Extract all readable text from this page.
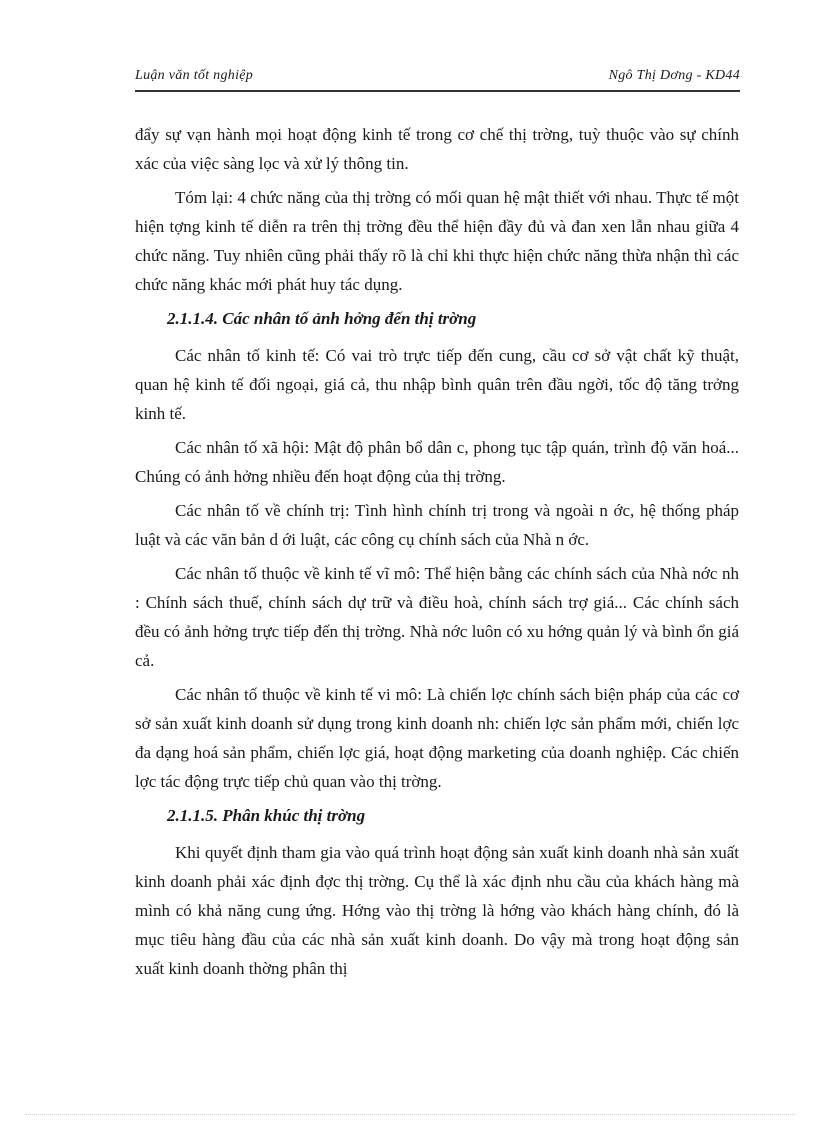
Luận văn tốt nghiệp	Ngô Thị Dơng - KD44

đẩy sự vạn hành mọi hoạt động kinh tế trong cơ chế thị trờng, tuỳ thuộc vào sự chính xác của việc sàng lọc và xử lý thông tin.

Tóm lại: 4 chức năng của thị trờng có mối quan hệ mật thiết với nhau. Thực tế một hiện tợng kinh tế diễn ra trên thị trờng đều thể hiện đầy đủ và đan xen lẫn nhau giữa 4 chức năng. Tuy nhiên cũng phải thấy rõ là chỉ khi thực hiện chức năng thừa nhận thì các chức năng khác mới phát huy tác dụng.

2.1.1.4. Các nhân tố ảnh hởng đến thị trờng

Các nhân tố kinh tế: Có vai trò trực tiếp đến cung, cầu cơ sở vật chất kỹ thuật, quan hệ kinh tế đối ngoại, giá cả, thu nhập bình quân trên đầu ngời, tốc độ tăng trởng kinh tế.

Các nhân tố xã hội: Mật độ phân bổ dân c, phong tục tập quán, trình độ văn hoá... Chúng có ảnh hởng nhiều đến hoạt động của thị trờng.

Các nhân tố về chính trị: Tình hình chính trị trong và ngoài n ớc, hệ thống pháp luật và các văn bản d ới luật, các công cụ chính sách của Nhà n ớc.

Các nhân tố thuộc về kinh tế vĩ mô: Thể hiện bằng các chính sách của Nhà nớc nh : Chính sách thuế, chính sách dự trữ và điều hoà, chính sách trợ giá... Các chính sách đều có ảnh hởng trực tiếp đến thị trờng. Nhà nớc luôn có xu hớng quản lý và bình ổn giá cả.

Các nhân tố thuộc về kinh tế vi mô: Là chiến lợc chính sách biện pháp của các cơ sở sản xuất kinh doanh sử dụng trong kinh doanh nh: chiến lợc sản phẩm mới, chiến lợc đa dạng hoá sản phẩm, chiến lợc giá, hoạt động marketing của doanh nghiệp. Các chiến lợc tác động trực tiếp chủ quan vào thị trờng.

2.1.1.5. Phân khúc thị trờng

Khi quyết định tham gia vào quá trình hoạt động sản xuất kinh doanh nhà sản xuất kinh doanh phải xác định đợc thị trờng. Cụ thể là xác định nhu cầu của khách hàng mà mình có khả năng cung ứng. Hớng vào thị trờng là hớng vào khách hàng chính, đó là mục tiêu hàng đầu của các nhà sản xuất kinh doanh. Do vậy mà trong hoạt động sản xuất kinh doanh thờng phân thị
